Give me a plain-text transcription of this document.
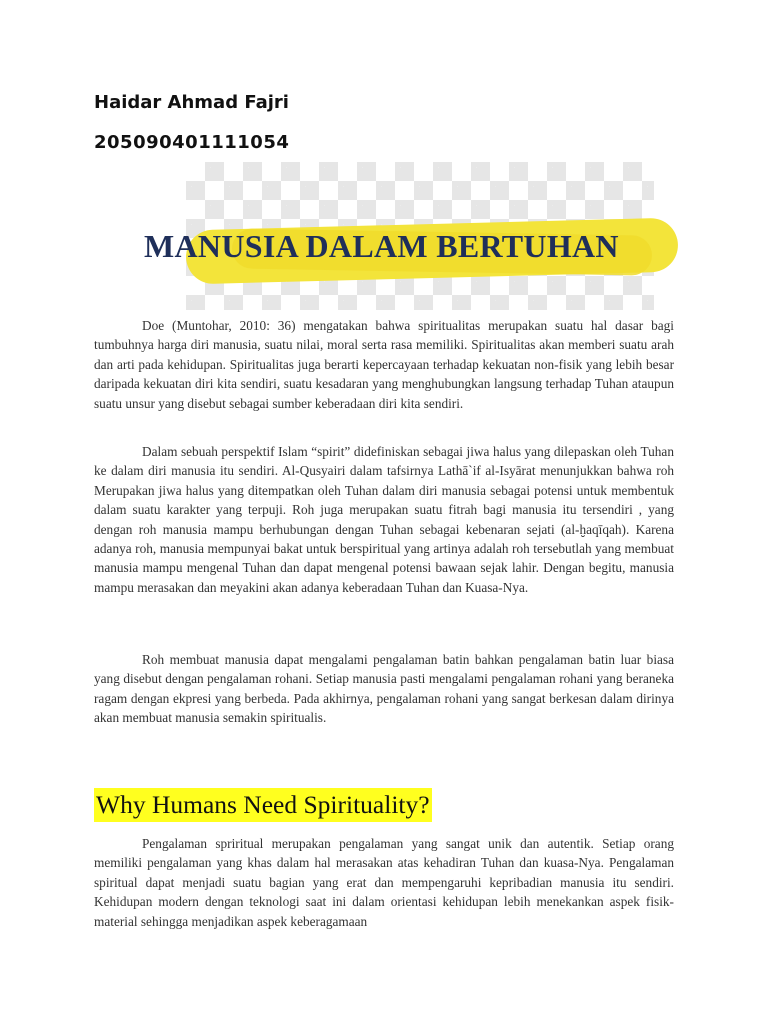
Haidar Ahmad Fajri
205090401111054
MANUSIA DALAM BERTUHAN

Doe (Muntohar, 2010: 36) mengatakan bahwa spiritualitas merupakan suatu hal dasar bagi tumbuhnya harga diri manusia, suatu nilai, moral serta rasa memiliki. Spiritualitas akan memberi suatu arah dan arti pada kehidupan. Spiritualitas juga berarti kepercayaan terhadap kekuatan non-fisik yang lebih besar daripada kekuatan diri kita sendiri, suatu kesadaran yang menghubungkan langsung terhadap Tuhan ataupun suatu unsur yang disebut sebagai sumber keberadaan diri kita sendiri.

Dalam sebuah perspektif Islam “spirit” didefiniskan sebagai jiwa halus yang dilepaskan oleh Tuhan ke dalam diri manusia itu sendiri. Al-Qusyairi dalam tafsirnya Lathā`if al-Isyārat menunjukkan bahwa roh Merupakan jiwa halus yang ditempatkan oleh Tuhan dalam diri manusia sebagai potensi untuk membentuk dalam suatu karakter yang terpuji. Roh juga merupakan suatu fitrah bagi manusia itu tersendiri , yang dengan roh manusia mampu berhubungan dengan Tuhan sebagai kebenaran sejati (al-ḫaqīqah). Karena adanya roh, manusia mempunyai bakat untuk berspiritual yang artinya adalah roh tersebutlah yang membuat manusia mampu mengenal Tuhan dan dapat mengenal potensi bawaan sejak lahir. Dengan begitu, manusia mampu merasakan dan meyakini akan adanya keberadaan Tuhan dan Kuasa-Nya.

Roh membuat manusia dapat mengalami pengalaman batin bahkan pengalaman batin luar biasa yang disebut dengan pengalaman rohani. Setiap manusia pasti mengalami pengalaman rohani yang beraneka ragam dengan ekpresi yang berbeda. Pada akhirnya, pengalaman rohani yang sangat berkesan dalam dirinya akan membuat manusia semakin spiritualis.

Why Humans Need Spirituality?

Pengalaman spriritual merupakan pengalaman yang sangat unik dan autentik. Setiap orang memiliki pengalaman yang khas dalam hal merasakan atas kehadiran Tuhan dan kuasa-Nya. Pengalaman spiritual dapat menjadi suatu bagian yang erat dan mempengaruhi kepribadian manusia itu sendiri. Kehidupan modern dengan teknologi saat ini dalam orientasi kehidupan lebih menekankan aspek fisik-material sehingga menjadikan aspek keberagamaan
